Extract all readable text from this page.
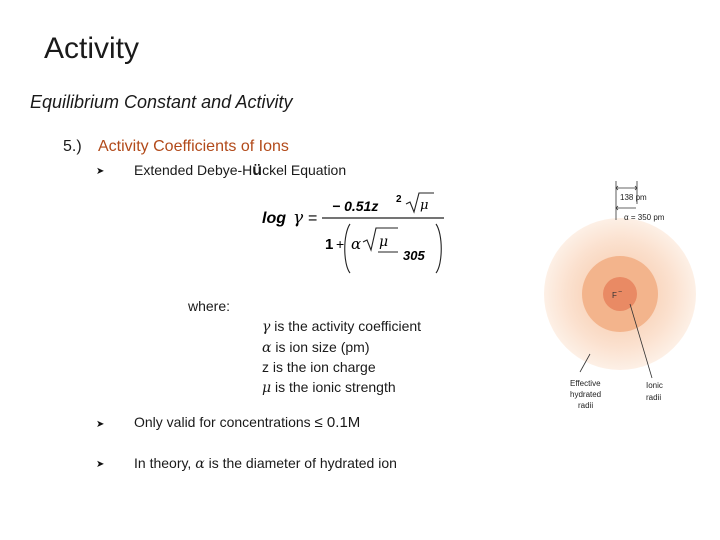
Activity
Equilibrium Constant and Activity
5.) Activity Coefficients of Ions
➤ Extended Debye-Hückel Equation
log γ =
− 0.51z 2 μ
1 + α μ
305
where:
γ is the activity coefficient
α is ion size (pm)
z is the ion charge
μ is the ionic strength
➤ Only valid for concentrations ≤ 0.1M
➤ In theory, α is the diameter of hydrated ion
138 pm
α = 350 pm
F −
Effective
hydrated
radii
Ionic
radii
